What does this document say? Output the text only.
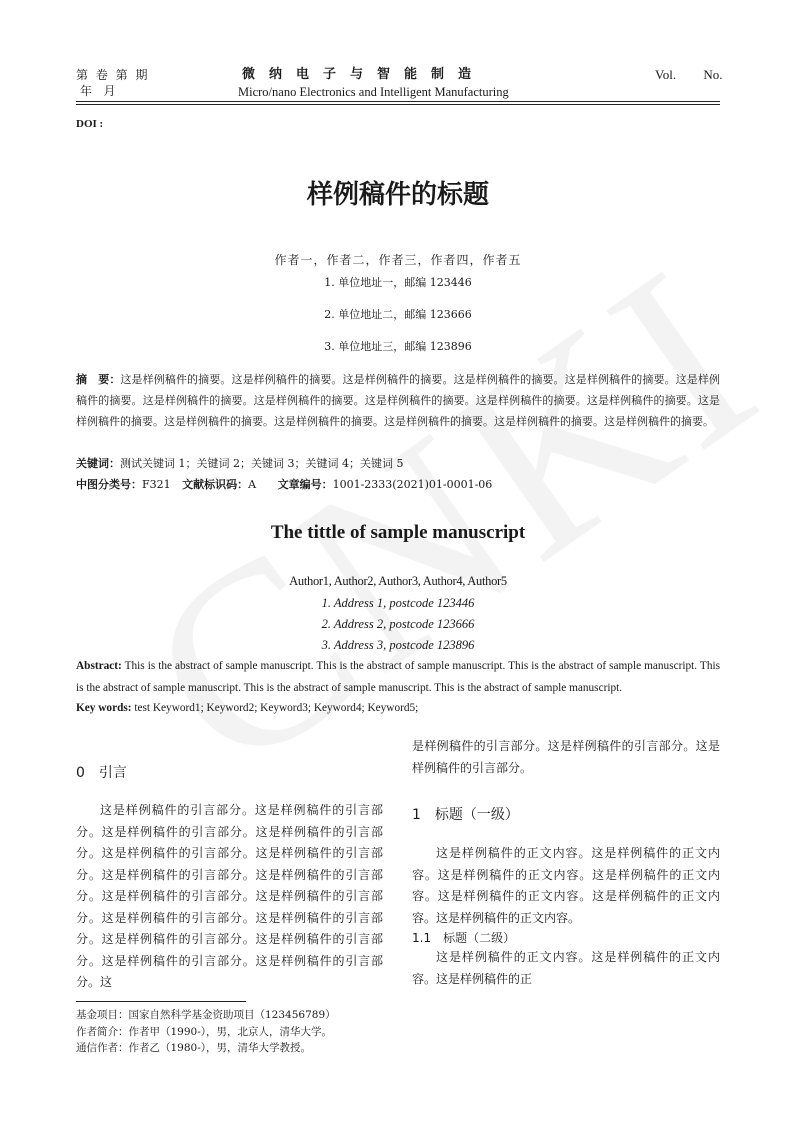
第 卷 第 期
年   月
微纳电子与智能制造
Micro/nano Electronics and Intelligent Manufacturing
Vol. No.
DOI :
样例稿件的标题
作者一，作者二，作者三，作者四，作者五
1. 单位地址一，邮编 123446
2. 单位地址二，邮编 123666
3. 单位地址三，邮编 123896
摘　要：这是样例稿件的摘要。这是样例稿件的摘要。这是样例稿件的摘要。这是样例稿件的摘要。这是样例稿件的摘要。这是样例稿件的摘要。这是样例稿件的摘要。这是样例稿件的摘要。这是样例稿件的摘要。这是样例稿件的摘要。这是样例稿件的摘要。这是样例稿件的摘要。这是样例稿件的摘要。这是样例稿件的摘要。这是样例稿件的摘要。这是样例稿件的摘要。这是样例稿件的摘要。
关键词：测试关键词 1；关键词 2；关键词 3；关键词 4；关键词 5
中图分类号：F321 文献标识码：A 文章编号：1001-2333(2021)01-0001-06
The tittle of sample manuscript
Author1, Author2, Author3, Author4, Author5
1. Address 1, postcode 123446
2. Address 2, postcode 123666
3. Address 3, postcode 123896
Abstract: This is the abstract of sample manuscript. This is the abstract of sample manuscript. This is the abstract of sample manuscript. This is the abstract of sample manuscript. This is the abstract of sample manuscript. This is the abstract of sample manuscript.
Key words: test Keyword1; Keyword2; Keyword3; Keyword4; Keyword5;
0　引言
这是样例稿件的引言部分。这是样例稿件的引言部分。这是样例稿件的引言部分。这是样例稿件的引言部分。这是样例稿件的引言部分。这是样例稿件的引言部分。这是样例稿件的引言部分。这是样例稿件的引言部分。这是样例稿件的引言部分。这是样例稿件的引言部分。这是样例稿件的引言部分。这是样例稿件的引言部分。这是样例稿件的引言部分。这是样例稿件的引言部分。这是样例稿件的引言部分。这是样例稿件的引言部分。这
基金项目：国家自然科学基金资助项目（123456789）
作者简介：作者甲（1990-），男，北京人，清华大学。
通信作者：作者乙（1980-），男，清华大学教授。
是样例稿件的引言部分。这是样例稿件的引言部分。这是样例稿件的引言部分。
1　标题（一级）
这是样例稿件的正文内容。这是样例稿件的正文内容。这是样例稿件的正文内容。这是样例稿件的正文内容。这是样例稿件的正文内容。这是样例稿件的正文内容。这是样例稿件的正文内容。
1.1　标题（二级）
这是样例稿件的正文内容。这是样例稿件的正文内容。这是样例稿件的正
